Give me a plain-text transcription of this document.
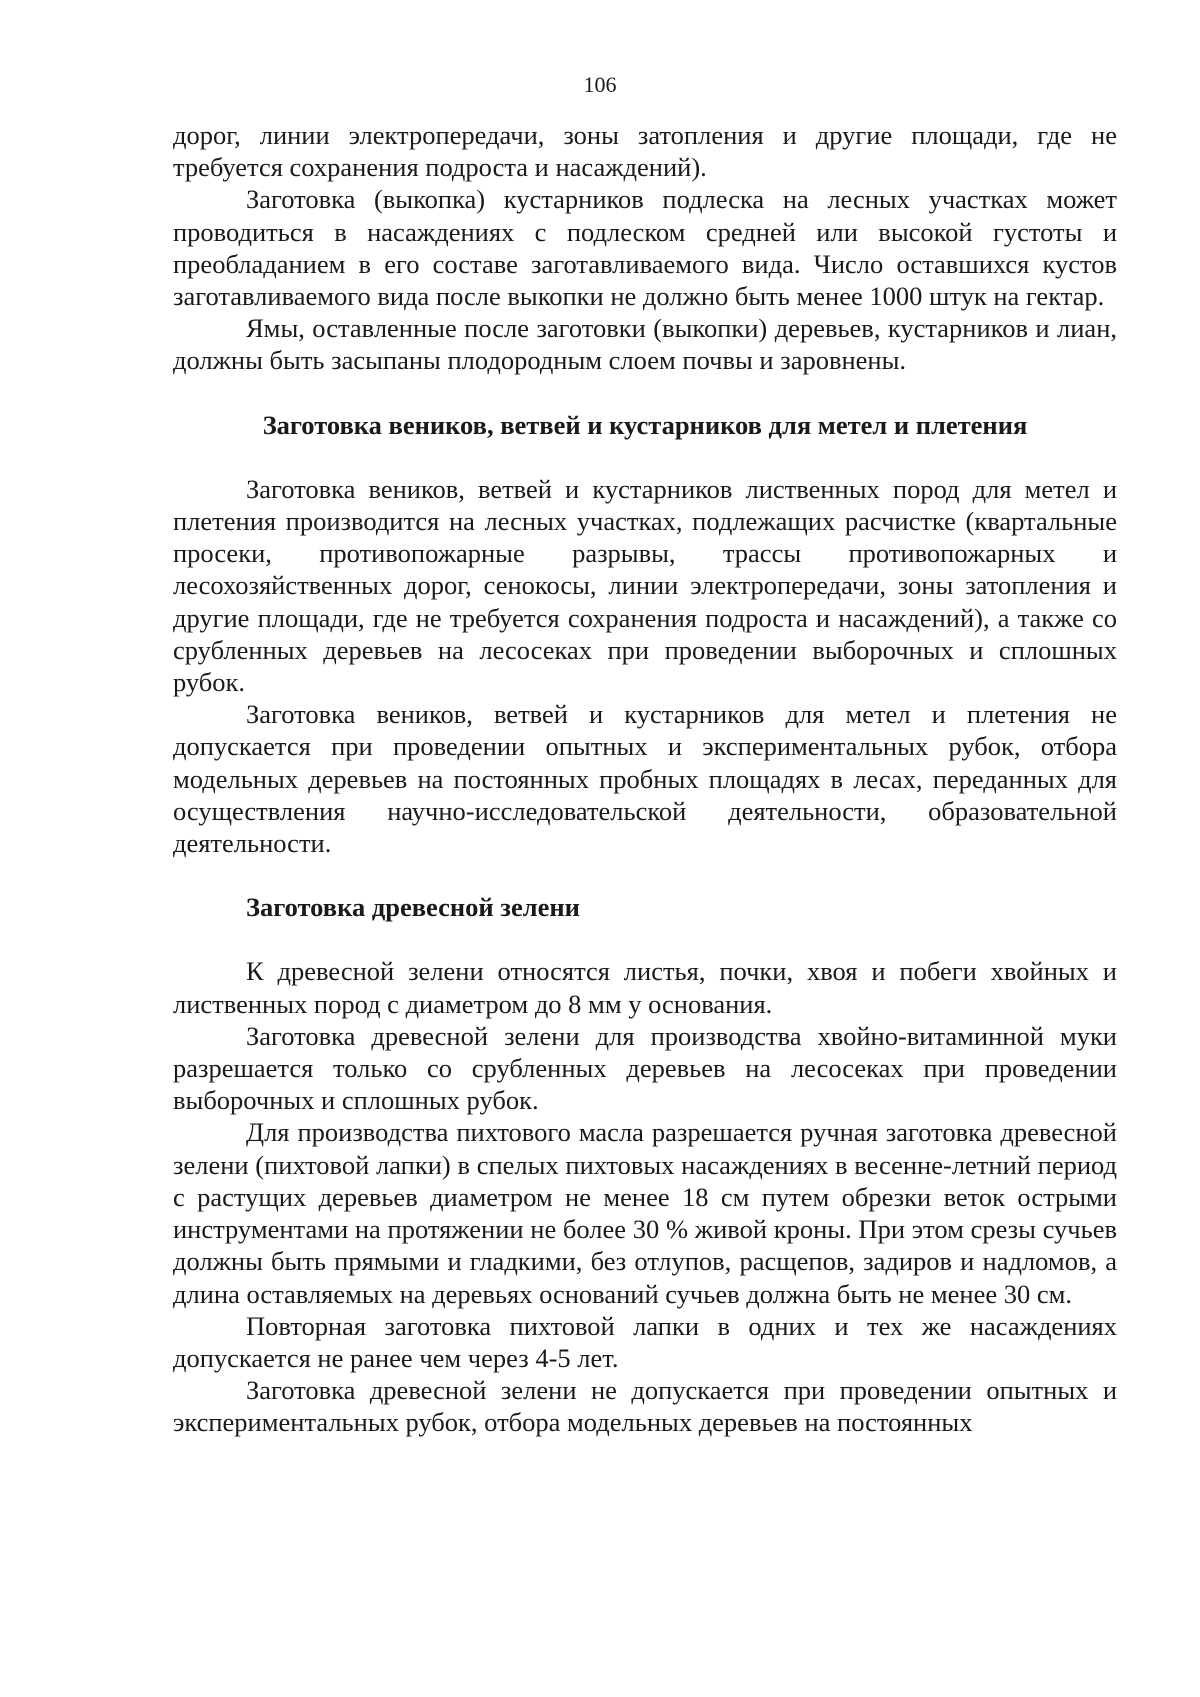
106

дорог, линии электропередачи, зоны затопления и другие площади, где не требуется сохранения подроста и насаждений).

Заготовка (выкопка) кустарников подлеска на лесных участках может проводиться в насаждениях с подлеском средней или высокой густоты и преобладанием в его составе заготавливаемого вида. Число оставшихся кустов заготавливаемого вида после выкопки не должно быть менее 1000 штук на гектар.

Ямы, оставленные после заготовки (выкопки) деревьев, кустарников и лиан, должны быть засыпаны плодородным слоем почвы и заровнены.

Заготовка веников, ветвей и кустарников для метел и плетения

Заготовка веников, ветвей и кустарников лиственных пород для метел и плетения производится на лесных участках, подлежащих расчистке (квартальные просеки, противопожарные разрывы, трассы противопожарных и лесохозяйственных дорог, сенокосы, линии электропередачи, зоны затопления и другие площади, где не требуется сохранения подроста и насаждений), а также со срубленных деревьев на лесосеках при проведении выборочных и сплошных рубок.

Заготовка веников, ветвей и кустарников для метел и плетения не допускается при проведении опытных и экспериментальных рубок, отбора модельных деревьев на постоянных пробных площадях в лесах, переданных для осуществления научно-исследовательской деятельности, образовательной деятельности.

Заготовка древесной зелени

К древесной зелени относятся листья, почки, хвоя и побеги хвойных и лиственных пород с диаметром до 8 мм у основания.

Заготовка древесной зелени для производства хвойно-витаминной муки разрешается только со срубленных деревьев на лесосеках при проведении выборочных и сплошных рубок.

Для производства пихтового масла разрешается ручная заготовка древесной зелени (пихтовой лапки) в спелых пихтовых насаждениях в весенне-летний период с растущих деревьев диаметром не менее 18 см путем обрезки веток острыми инструментами на протяжении не более 30 % живой кроны. При этом срезы сучьев должны быть прямыми и гладкими, без отлупов, расщепов, задиров и надломов, а длина оставляемых на деревьях оснований сучьев должна быть не менее 30 см.

Повторная заготовка пихтовой лапки в одних и тех же насаждениях допускается не ранее чем через 4-5 лет.

Заготовка древесной зелени не допускается при проведении опытных и экспериментальных рубок, отбора модельных деревьев на постоянных
